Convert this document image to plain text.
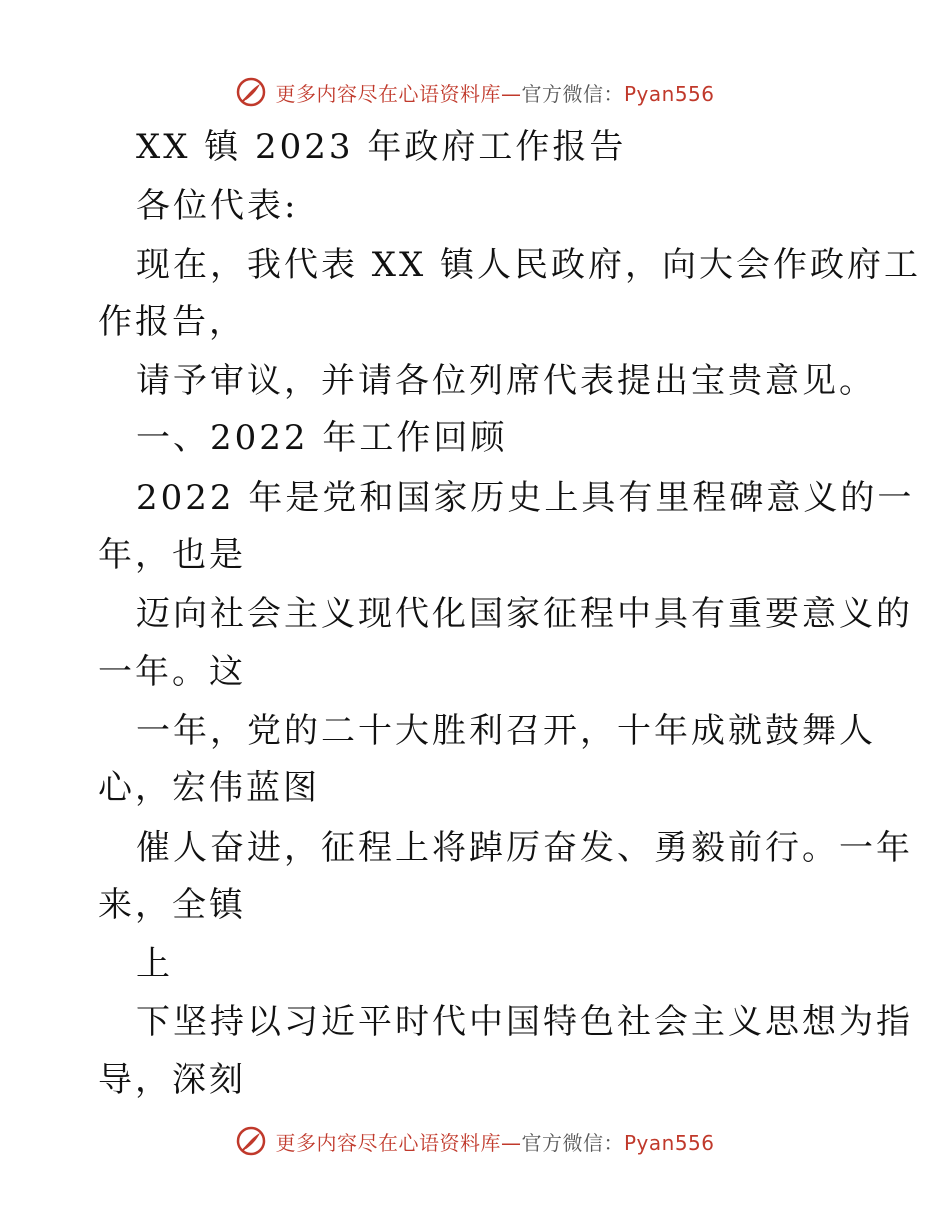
更多内容尽在心语资料库—官方微信：Pyan556
XX 镇 2023 年政府工作报告
各位代表:
现在，我代表 XX 镇人民政府，向大会作政府工
作报告，
请予审议，并请各位列席代表提出宝贵意见。
一、2022 年工作回顾
2022 年是党和国家历史上具有里程碑意义的一
年，也是
迈向社会主义现代化国家征程中具有重要意义的
一年。这
一年，党的二十大胜利召开，十年成就鼓舞人
心，宏伟蓝图
催人奋进，征程上将踔厉奋发、勇毅前行。一年
来，全镇
上
下坚持以习近平时代中国特色社会主义思想为指
导，深刻
更多内容尽在心语资料库—官方微信：Pyan556
